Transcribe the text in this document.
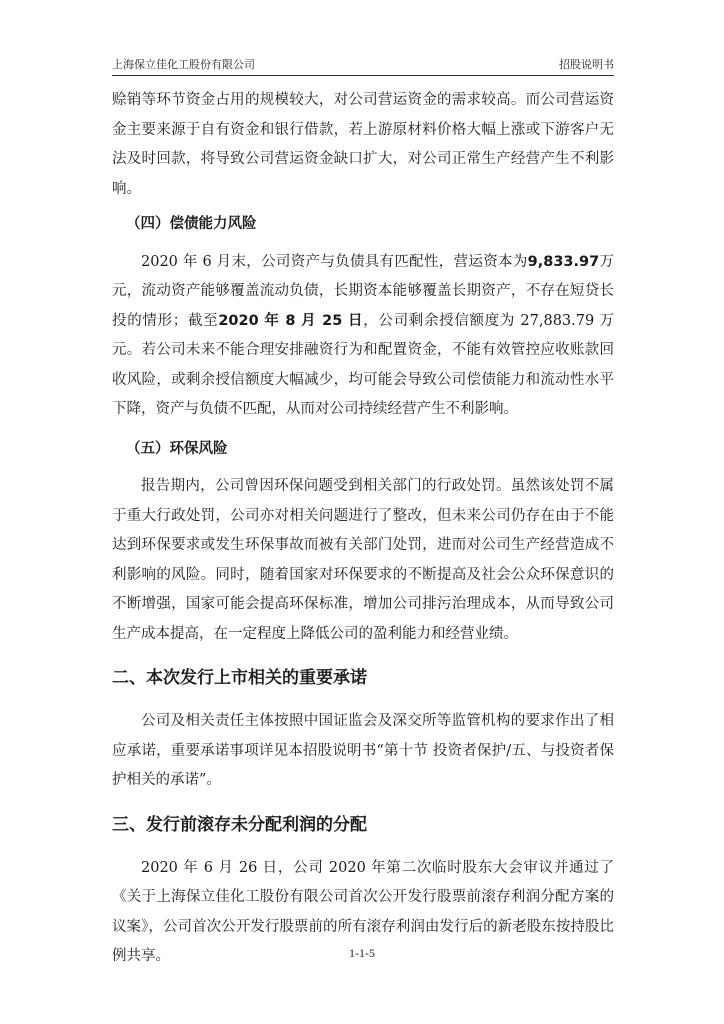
上海保立佳化工股份有限公司	招股说明书

赊销等环节资金占用的规模较大，对公司营运资金的需求较高。而公司营运资金主要来源于自有资金和银行借款，若上游原材料价格大幅上涨或下游客户无法及时回款，将导致公司营运资金缺口扩大，对公司正常生产经营产生不利影响。

（四）偿债能力风险

2020 年 6 月末，公司资产与负债具有匹配性，营运资本为9,833.97万元，流动资产能够覆盖流动负债，长期资本能够覆盖长期资产，不存在短贷长投的情形；截至2020 年 8 月 25 日，公司剩余授信额度为 27,883.79 万元。若公司未来不能合理安排融资行为和配置资金，不能有效管控应收账款回收风险，或剩余授信额度大幅减少，均可能会导致公司偿债能力和流动性水平下降，资产与负债不匹配，从而对公司持续经营产生不利影响。

（五）环保风险

报告期内，公司曾因环保问题受到相关部门的行政处罚。虽然该处罚不属于重大行政处罚，公司亦对相关问题进行了整改，但未来公司仍存在由于不能达到环保要求或发生环保事故而被有关部门处罚，进而对公司生产经营造成不利影响的风险。同时，随着国家对环保要求的不断提高及社会公众环保意识的不断增强，国家可能会提高环保标准，增加公司排污治理成本，从而导致公司生产成本提高，在一定程度上降低公司的盈利能力和经营业绩。

二、本次发行上市相关的重要承诺

公司及相关责任主体按照中国证监会及深交所等监管机构的要求作出了相应承诺，重要承诺事项详见本招股说明书“第十节 投资者保护/五、与投资者保护相关的承诺”。

三、发行前滚存未分配利润的分配

2020 年 6 月 26 日，公司 2020 年第二次临时股东大会审议并通过了《关于上海保立佳化工股份有限公司首次公开发行股票前滚存利润分配方案的议案》，公司首次公开发行股票前的所有滚存利润由发行后的新老股东按持股比例共享。	1-1-5
